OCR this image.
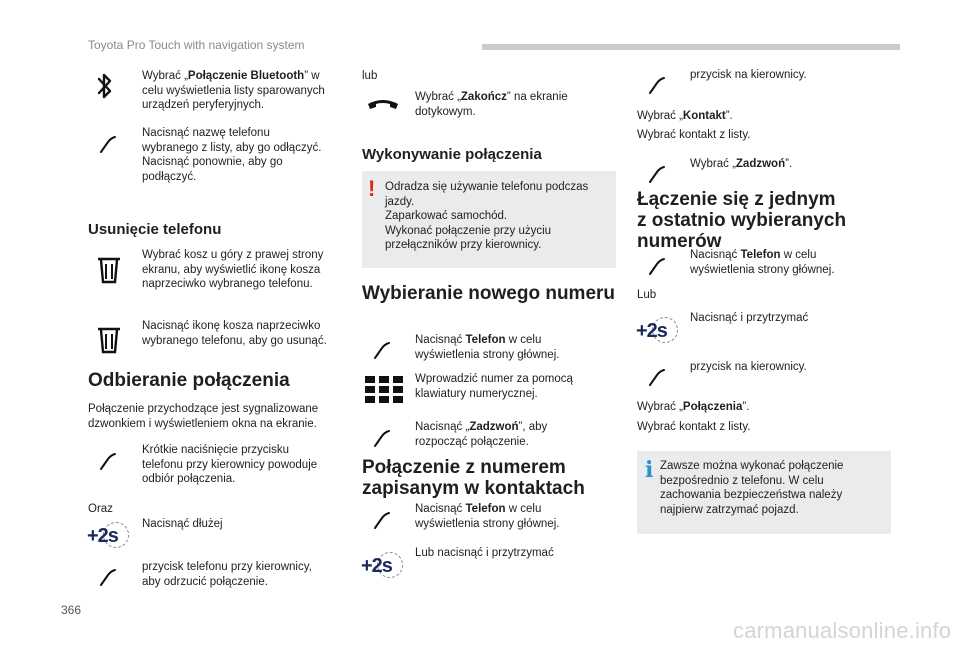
Toyota Pro Touch with navigation system
366
carmanualsonline.info
Wybrać „Połączenie Bluetooth” w
celu wyświetlenia listy sparowanych
urządzeń peryferyjnych.
Nacisnąć nazwę telefonu
wybranego z listy, aby go odłączyć.
Nacisnąć ponownie, aby go
podłączyć.
Usunięcie telefonu
Wybrać kosz u góry z prawej strony
ekranu, aby wyświetlić ikonę kosza
naprzeciwko wybranego telefonu.
Nacisnąć ikonę kosza naprzeciwko
wybranego telefonu, aby go usunąć.
Odbieranie połączenia
Połączenie przychodzące jest sygnalizowane
dzwonkiem i wyświetleniem okna na ekranie.
Krótkie naciśnięcie przycisku
telefonu przy kierownicy powoduje
odbiór połączenia.
Oraz
+2s
Nacisnąć dłużej
przycisk telefonu przy kierownicy,
aby odrzucić połączenie.
lub
Wybrać „Zakończ” na ekranie
dotykowym.
Wykonywanie połączenia
! Odradza się używanie telefonu podczas
jazdy.
Zaparkować samochód.
Wykonać połączenie przy użyciu
przełączników przy kierownicy.
Wybieranie nowego numeru
Nacisnąć Telefon w celu
wyświetlenia strony głównej.
Wprowadzić numer za pomocą
klawiatury numerycznej.
Nacisnąć „Zadzwoń”, aby
rozpocząć połączenie.
Połączenie z numerem
zapisanym w kontaktach
Nacisnąć Telefon w celu
wyświetlenia strony głównej.
+2s
Lub nacisnąć i przytrzymać
przycisk na kierownicy.
Wybrać „Kontakt”.
Wybrać kontakt z listy.
Wybrać „Zadzwoń”.
Łączenie się z jednym
z ostatnio wybieranych
numerów
Nacisnąć Telefon w celu
wyświetlenia strony głównej.
Lub
+2s
Nacisnąć i przytrzymać
przycisk na kierownicy.
Wybrać „Połączenia”.
Wybrać kontakt z listy.
i Zawsze można wykonać połączenie
bezpośrednio z telefonu. W celu
zachowania bezpieczeństwa należy
najpierw zatrzymać pojazd.
